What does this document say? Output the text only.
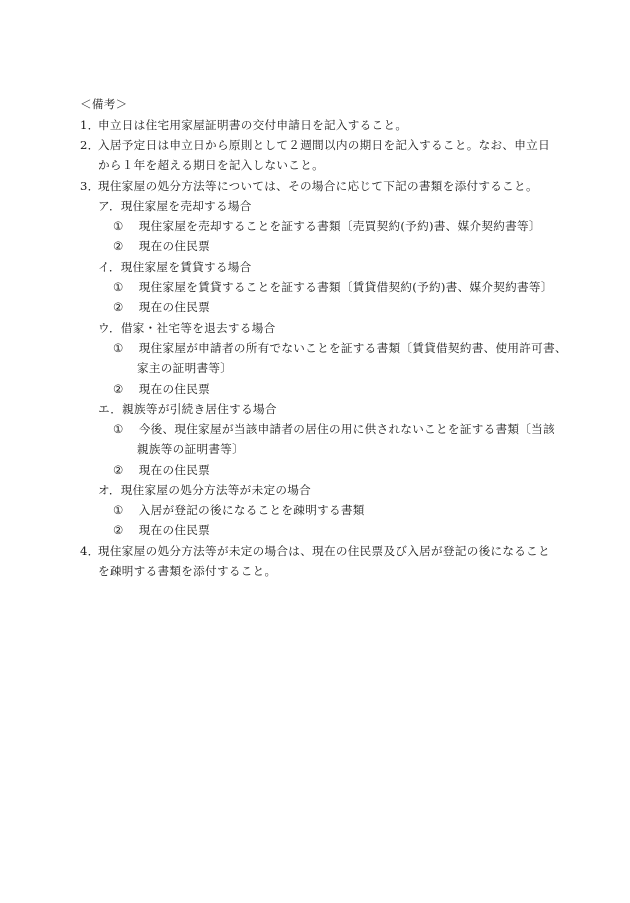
＜備考＞
1．申立日は住宅用家屋証明書の交付申請日を記入すること。
2．入居予定日は申立日から原則として２週間以内の期日を記入すること。なお、申立日
から１年を超える期日を記入しないこと。
3．現住家屋の処分方法等については、その場合に応じて下記の書類を添付すること。
ア．現住家屋を売却する場合
①  現住家屋を売却することを証する書類〔売買契約(予約)書、媒介契約書等〕
②  現在の住民票
イ．現住家屋を賃貸する場合
①  現住家屋を賃貸することを証する書類〔賃貸借契約(予約)書、媒介契約書等〕
②  現在の住民票
ウ．借家・社宅等を退去する場合
①  現住家屋が申請者の所有でないことを証する書類〔賃貸借契約書、使用許可書、
家主の証明書等〕
②  現在の住民票
エ．親族等が引続き居住する場合
①  今後、現住家屋が当該申請者の居住の用に供されないことを証する書類〔当該
親族等の証明書等〕
②  現在の住民票
オ．現住家屋の処分方法等が未定の場合
①  入居が登記の後になることを疎明する書類
②  現在の住民票
4．現住家屋の処分方法等が未定の場合は、現在の住民票及び入居が登記の後になること
を疎明する書類を添付すること。
